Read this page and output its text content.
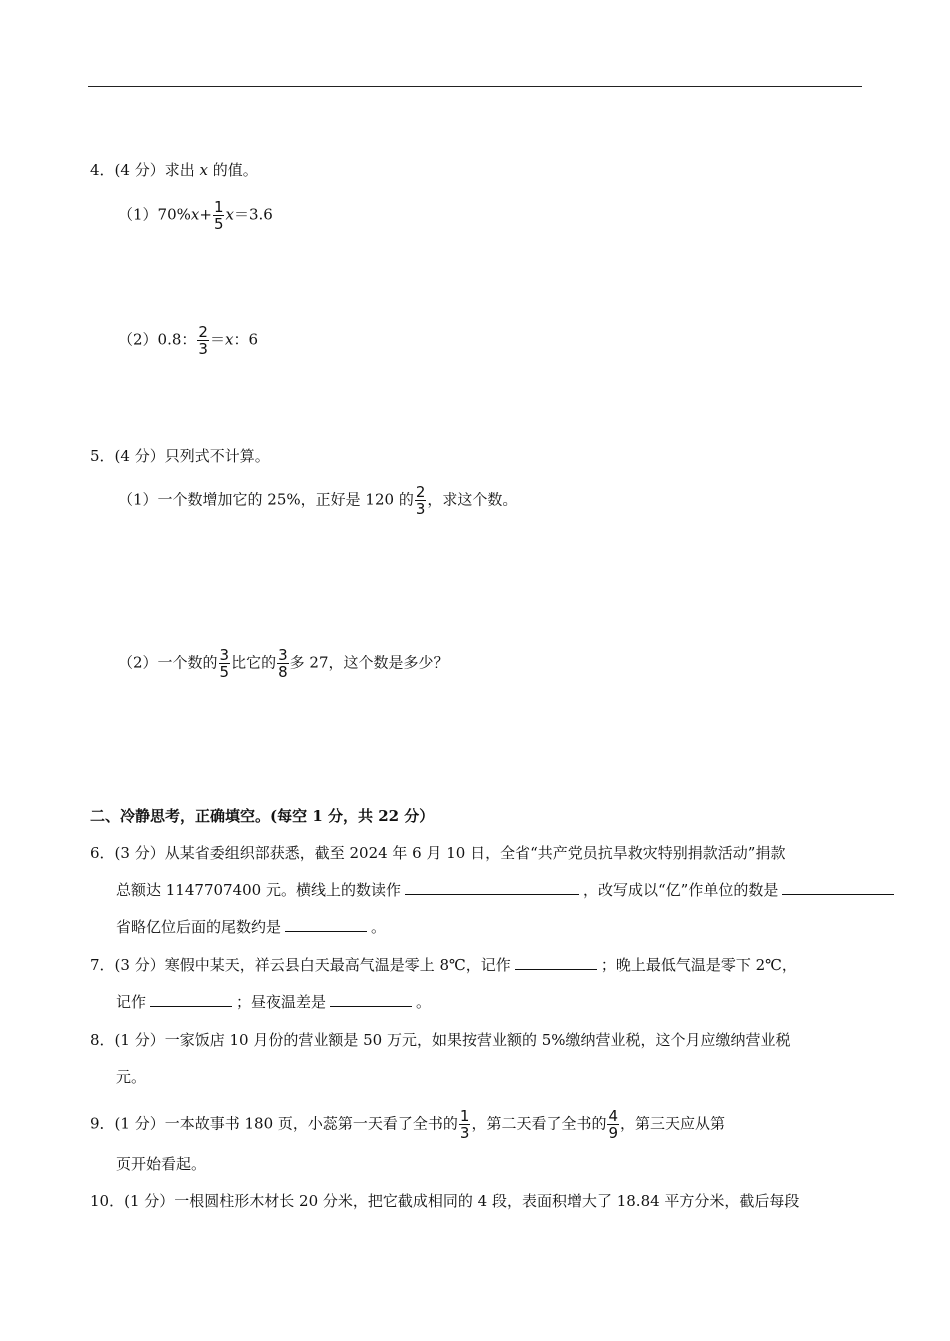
4．(4 分）求出 x 的值。
$(1)70\%x+ \frac{1}{5} x=3.6$
（2）0.8： $\frac{2}{3} =x$：6
5．(4 分）只列式不计算。
（1）一个数增加它的 25%，正好是 120 的 $\frac{2}{3}$ ，求这个数。
（2）一个数的 $\frac{3}{5}$ 比它的 $\frac{3}{8}$ 多 27，这个数是多少？
二、冷静思考，正确填空。(每空 1 分，共 22 分）
6．(3 分）从某省委组织部获悉，截至 2024 年 6 月 10 日，全省“共产党员抗旱救灾特别捐款活动”捐款
总额达 1147707400 元。横线上的数读作	，改写成以“亿”作单位的数是
省略亿位后面的尾数约是	。
7．(3 分）寒假中某天，祥云县白天最高气温是零上 8℃，记作	；晚上最低气温是零下 2℃，
记作	；昼夜温差是	。
8．(1 分）一家饭店 10 月份的营业额是 50 万元，如果按营业额的 5%缴纳营业税，这个月应缴纳营业税
元。
9．(1 分）一本故事书 180 页，小蕊第一天看了全书的 $\frac{1}{3}$ ，第二天看了全书的 $\frac{4}{9}$ ，第三天应从第
页开始看起。
10．(1 分）一根圆柱形木材长 20 分米，把它截成相同的 4 段，表面积增大了 18.84 平方分米，截后每段
